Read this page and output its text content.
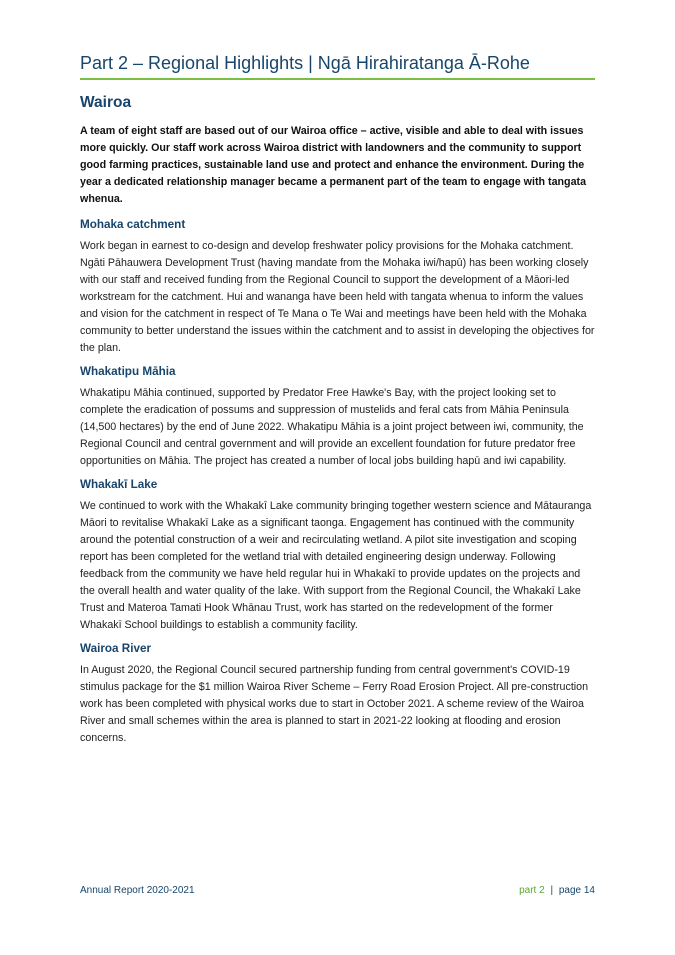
Part 2 – Regional Highlights | Ngā Hirahiratanga Ā-Rohe
Wairoa
A team of eight staff are based out of our Wairoa office – active, visible and able to deal with issues more quickly. Our staff work across Wairoa district with landowners and the community to support good farming practices, sustainable land use and protect and enhance the environment. During the year a dedicated relationship manager became a permanent part of the team to engage with tangata whenua.
Mohaka catchment
Work began in earnest to co-design and develop freshwater policy provisions for the Mohaka catchment. Ngāti Pāhauwera Development Trust (having mandate from the Mohaka iwi/hapū) has been working closely with our staff and received funding from the Regional Council to support the development of a Māori-led workstream for the catchment. Hui and wananga have been held with tangata whenua to inform the values and vision for the catchment in respect of Te Mana o Te Wai and meetings have been held with the Mohaka community to better understand the issues within the catchment and to assist in developing the objectives for the plan.
Whakatipu Māhia
Whakatipu Māhia continued, supported by Predator Free Hawke's Bay, with the project looking set to complete the eradication of possums and suppression of mustelids and feral cats from Māhia Peninsula (14,500 hectares) by the end of June 2022. Whakatipu Māhia is a joint project between iwi, community, the Regional Council and central government and will provide an excellent foundation for future predator free opportunities on Māhia. The project has created a number of local jobs building hapū and iwi capability.
Whakakī Lake
We continued to work with the Whakakī Lake community bringing together western science and Mātauranga Māori to revitalise Whakakī Lake as a significant taonga. Engagement has continued with the community around the potential construction of a weir and recirculating wetland. A pilot site investigation and scoping report has been completed for the wetland trial with detailed engineering design underway. Following feedback from the community we have held regular hui in Whakakī to provide updates on the projects and the overall health and water quality of the lake. With support from the Regional Council, the Whakakī Lake Trust and Materoa Tamati Hook Whānau Trust, work has started on the redevelopment of the former Whakakī School buildings to establish a community facility.
Wairoa River
In August 2020, the Regional Council secured partnership funding from central government's COVID-19 stimulus package for the $1 million Wairoa River Scheme – Ferry Road Erosion Project. All pre-construction work has been completed with physical works due to start in October 2021. A scheme review of the Wairoa River and small schemes within the area is planned to start in 2021-22 looking at flooding and erosion concerns.
Annual Report 2020-2021	part 2 | page 14
